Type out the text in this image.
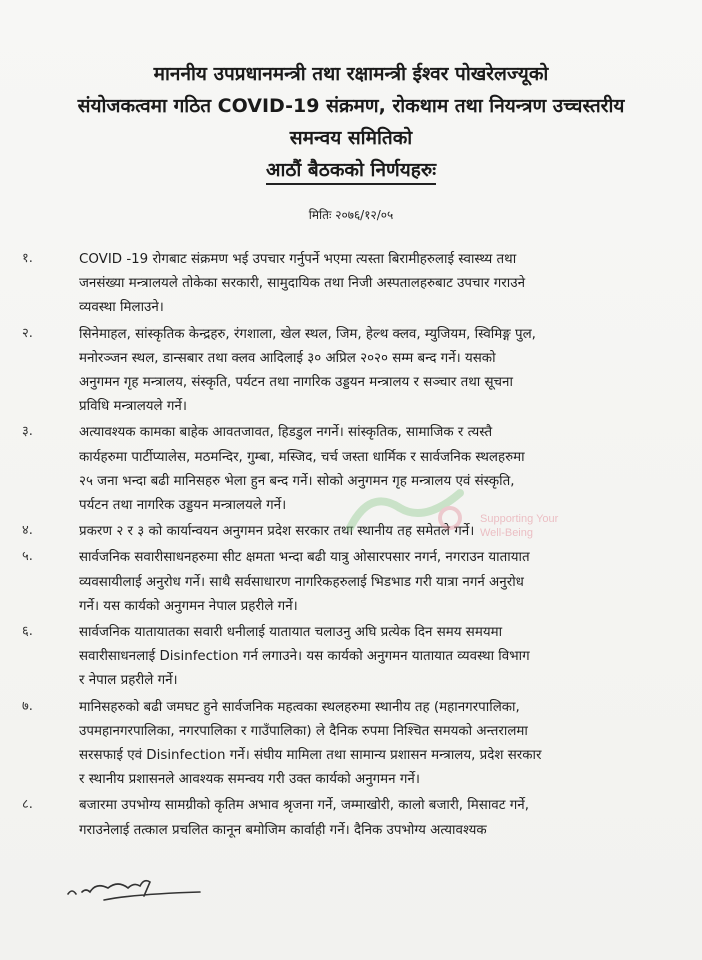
माननीय उपप्रधानमन्त्री तथा रक्षामन्त्री ईश्वर पोखरेलज्यूको
संयोजकत्वमा गठित COVID-19 संक्रमण, रोकथाम तथा नियन्त्रण उच्चस्तरीय
समन्वय समितिको
आठौं बैठकको निर्णयहरुः
मितिः २०७६/१२/०५
१.	COVID -19 रोगबाट संक्रमण भई उपचार गर्नुपर्ने भएमा त्यस्ता बिरामीहरुलाई स्वास्थ्य तथा
जनसंख्या मन्त्रालयले तोकेका सरकारी, सामुदायिक तथा निजी अस्पतालहरुबाट उपचार गराउने
व्यवस्था मिलाउने।
२.	सिनेमाहल, सांस्कृतिक केन्द्रहरु, रंगशाला, खेल स्थल, जिम, हेल्थ क्लव, म्युजियम, स्विमिङ्ग पुल,
मनोरञ्जन स्थल, डान्सबार तथा क्लव आदिलाई ३० अप्रिल २०२० सम्म बन्द गर्ने। यसको
अनुगमन गृह मन्त्रालय, संस्कृति, पर्यटन तथा नागरिक उड्डयन मन्त्रालय र सञ्चार तथा सूचना
प्रविधि मन्त्रालयले गर्ने।
३.	अत्यावश्यक कामका बाहेक आवतजावत, हिडडुल नगर्ने। सांस्कृतिक, सामाजिक र त्यस्तै
कार्यहरुमा पार्टीप्यालेस, मठमन्दिर, गुम्बा, मस्जिद, चर्च जस्ता धार्मिक र सार्वजनिक स्थलहरुमा
२५ जना भन्दा बढी मानिसहरु भेला हुन बन्द गर्ने। सोको अनुगमन गृह मन्त्रालय एवं संस्कृति,
पर्यटन तथा नागरिक उड्डयन मन्त्रालयले गर्ने।
४.	प्रकरण २ र ३ को कार्यान्वयन अनुगमन प्रदेश सरकार तथा स्थानीय तह समेतले गर्ने।
५.	सार्वजनिक सवारीसाधनहरुमा सीट क्षमता भन्दा बढी यात्रु ओसारपसार नगर्न, नगराउन यातायात
व्यवसायीलाई अनुरोध गर्ने। साथै सर्वसाधारण नागरिकहरुलाई भिडभाड गरी यात्रा नगर्न अनुरोध
गर्ने। यस कार्यको अनुगमन नेपाल प्रहरीले गर्ने।
६.	सार्वजनिक यातायातका सवारी धनीलाई यातायात चलाउनु अघि प्रत्येक दिन समय समयमा
सवारीसाधनलाई Disinfection गर्न लगाउने। यस कार्यको अनुगमन यातायात व्यवस्था विभाग
र नेपाल प्रहरीले गर्ने।
७.	मानिसहरुको बढी जमघट हुने सार्वजनिक महत्वका स्थलहरुमा स्थानीय तह (महानगरपालिका,
उपमहानगरपालिका, नगरपालिका र गाउँपालिका) ले दैनिक रुपमा निश्चित समयको अन्तरालमा
सरसफाई एवं Disinfection गर्ने। संघीय मामिला तथा सामान्य प्रशासन मन्त्रालय, प्रदेश सरकार
र स्थानीय प्रशासनले आवश्यक समन्वय गरी उक्त कार्यको अनुगमन गर्ने।
८.	बजारमा उपभोग्य सामग्रीको कृतिम अभाव श्रृजना गर्ने, जम्माखोरी, कालो बजारी, मिसावट गर्ने,
गराउनेलाई तत्काल प्रचलित कानून बमोजिम कार्वाही गर्ने। दैनिक उपभोग्य अत्यावश्यक
Supporting Your
Well-Being
